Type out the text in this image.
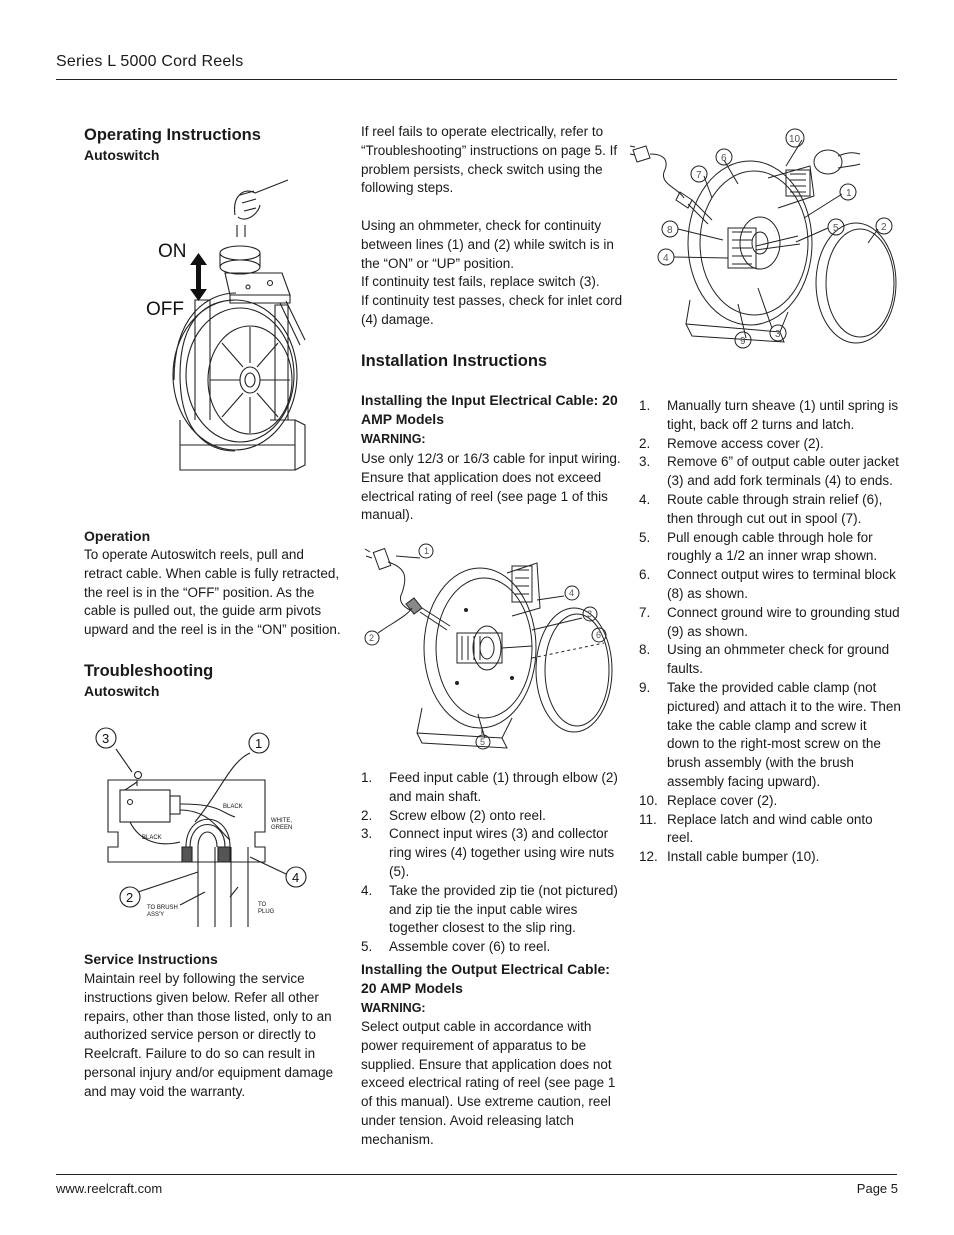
Series L 5000 Cord Reels
Operating Instructions
Autoswitch
ON
OFF
Operation
To operate Autoswitch reels, pull and retract cable. When cable is fully retracted, the reel is in the “OFF” position. As the cable is pulled out, the guide arm pivots upward and the reel is in the “ON” position.
Troubleshooting
Autoswitch
3	1
2
4
BLACK
BLACK
WHITE,
GREEN
TO BRUSH
ASS'Y
TO
PLUG
Service Instructions
Maintain reel by following the service instructions given below. Refer all other repairs, other than those listed, only to an authorized service person or directly to Reelcraft. Failure to do so can result in personal injury and/or equipment damage and may void the warranty.

If reel fails to operate electrically, refer to “Troubleshooting” instructions on page 5. If problem persists, check switch using the following steps.

Using an ohmmeter, check for continuity between lines (1) and (2) while switch is in the “ON” or “UP” position.

If continuity test fails, replace switch (3).

If continuity test passes, check for inlet cord (4) damage.

Installation Instructions
Installing the Input Electrical Cable: 20 AMP Models
WARNING:
Use only 12/3 or 16/3 cable for input wiring. Ensure that application does not exceed electrical rating of reel (see page 1 of this manual).
1
2
4
3
6
5
1. Feed input cable (1) through elbow (2) and main shaft.
2. Screw elbow (2) onto reel.
3. Connect input wires (3) and collector ring wires (4) together using wire nuts (5).
4. Take the provided zip tie (not pictured) and zip tie the input cable wires together closest to the slip ring.
5. Assemble cover (6) to reel.
Installing the Output Electrical Cable: 20 AMP Models
WARNING:
Select output cable in accordance with power requirement of apparatus to be supplied. Ensure that application does not exceed electrical rating of reel (see page 1 of this manual). Use extreme caution, reel under tension. Avoid releasing latch mechanism.
10
6
7
1
8	5	2
4
3
9
1. Manually turn sheave (1) until spring is tight, back off 2 turns and latch.
2. Remove access cover (2).
3. Remove 6” of output cable outer jacket (3) and add fork terminals (4) to ends.
4. Route cable through strain relief (6), then through cut out in spool (7).
5. Pull enough cable through hole for roughly a 1/2 an inner wrap shown.
6. Connect output wires to terminal block (8) as shown.
7. Connect ground wire to grounding stud (9) as shown.
8. Using an ohmmeter check for ground faults.
9. Take the provided cable clamp (not pictured) and attach it to the wire. Then take the cable clamp and screw it down to the right-most screw on the brush assembly (with the brush assembly facing upward).
10. Replace cover (2).
11. Replace latch and wind cable onto reel.
12. Install cable bumper (10).
www.reelcraft.com	Page 5
